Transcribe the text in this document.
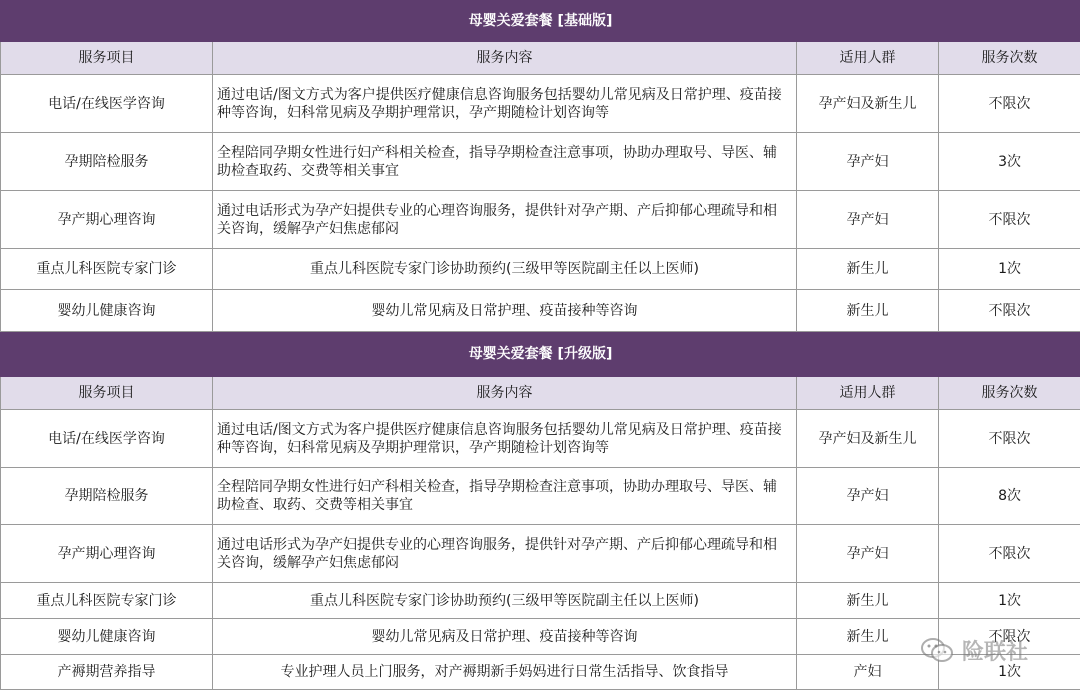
母婴关爱套餐 [基础版]			
服务项目	服务内容	适用人群	服务次数
电话/在线医学咨询	通过电话/图文方式为客户提供医疗健康信息咨询服务包括婴幼儿常见病及日常护理、疫苗接种等咨询，妇科常见病及孕期护理常识，孕产期随检计划咨询等	孕产妇及新生儿	不限次
孕期陪检服务	全程陪同孕期女性进行妇产科相关检查，指导孕期检查注意事项，协助办理取号、导医、辅助检查取药、交费等相关事宜	孕产妇	3次
孕产期心理咨询	通过电话形式为孕产妇提供专业的心理咨询服务，提供针对孕产期、产后抑郁心理疏导和相关咨询，缓解孕产妇焦虑郁闷	孕产妇	不限次
重点儿科医院专家门诊	重点儿科医院专家门诊协助预约(三级甲等医院副主任以上医师)	新生儿	1次
婴幼儿健康咨询	婴幼儿常见病及日常护理、疫苗接种等咨询	新生儿	不限次
母婴关爱套餐 [升级版]			
服务项目	服务内容	适用人群	服务次数
电话/在线医学咨询	通过电话/图文方式为客户提供医疗健康信息咨询服务包括婴幼儿常见病及日常护理、疫苗接种等咨询，妇科常见病及孕期护理常识，孕产期随检计划咨询等	孕产妇及新生儿	不限次
孕期陪检服务	全程陪同孕期女性进行妇产科相关检查，指导孕期检查注意事项，协助办理取号、导医、辅助检查、取药、交费等相关事宜	孕产妇	8次
孕产期心理咨询	通过电话形式为孕产妇提供专业的心理咨询服务，提供针对孕产期、产后抑郁心理疏导和相关咨询，缓解孕产妇焦虑郁闷	孕产妇	不限次
重点儿科医院专家门诊	重点儿科医院专家门诊协助预约(三级甲等医院副主任以上医师)	新生儿	1次
婴幼儿健康咨询	婴幼儿常见病及日常护理、疫苗接种等咨询	新生儿	不限次
产褥期营养指导	专业护理人员上门服务，对产褥期新手妈妈进行日常生活指导、饮食指导	产妇	1次
险联社
